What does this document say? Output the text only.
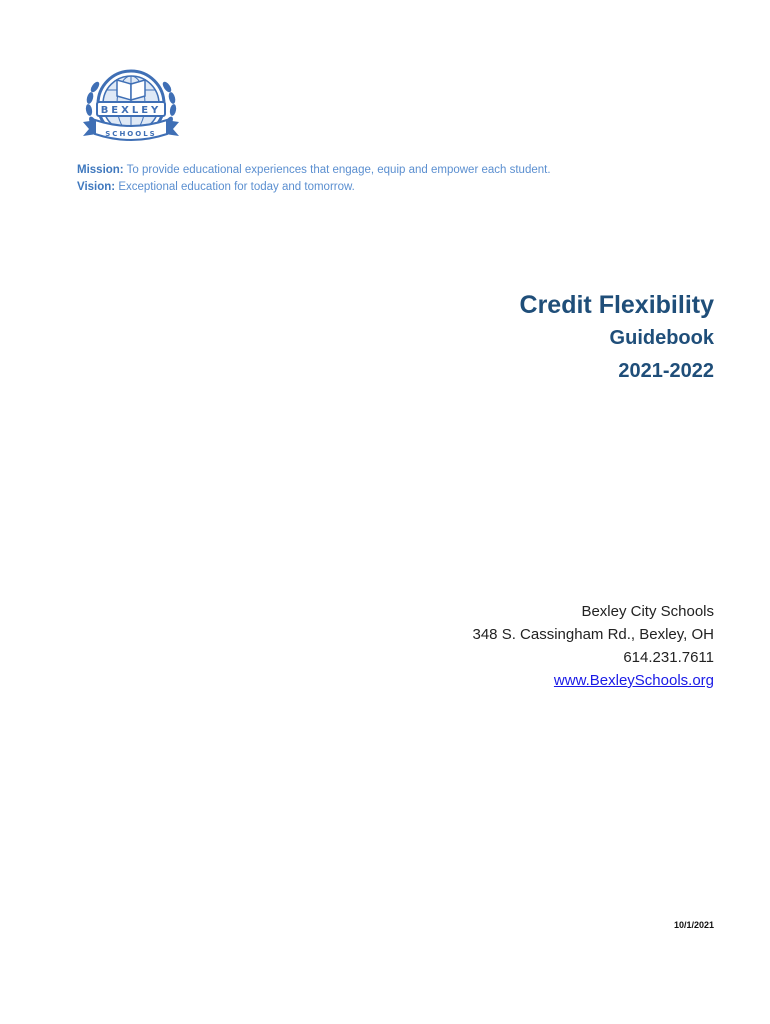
BEXLEY
SCHOOLS
Mission: To provide educational experiences that engage, equip and empower each student.
Vision: Exceptional education for today and tomorrow.
Credit Flexibility
Guidebook
2021-2022
Bexley City Schools
348 S. Cassingham Rd., Bexley, OH
614.231.7611
www.BexleySchools.org
10/1/2021
